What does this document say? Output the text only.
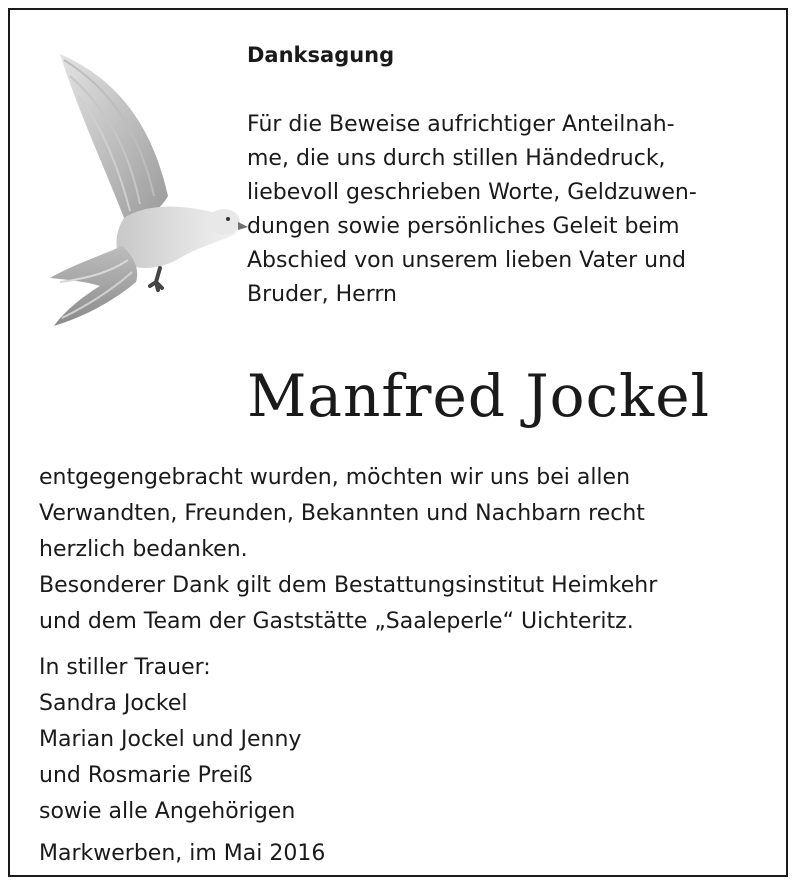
Danksagung
Für die Beweise aufrichtiger Anteilnah-
me, die uns durch stillen Händedruck,
liebevoll geschrieben Worte, Geldzuwen-
dungen sowie persönliches Geleit beim
Abschied von unserem lieben Vater und
Bruder, Herrn
Manfred Jockel
entgegengebracht wurden, möchten wir uns bei allen
Verwandten, Freunden, Bekannten und Nachbarn recht
herzlich bedanken.
Besonderer Dank gilt dem Bestattungsinstitut Heimkehr
und dem Team der Gaststätte „Saaleperle“ Uichteritz.
In stiller Trauer:
Sandra Jockel
Marian Jockel und Jenny
und Rosmarie Preiß
sowie alle Angehörigen
Markwerben, im Mai 2016
